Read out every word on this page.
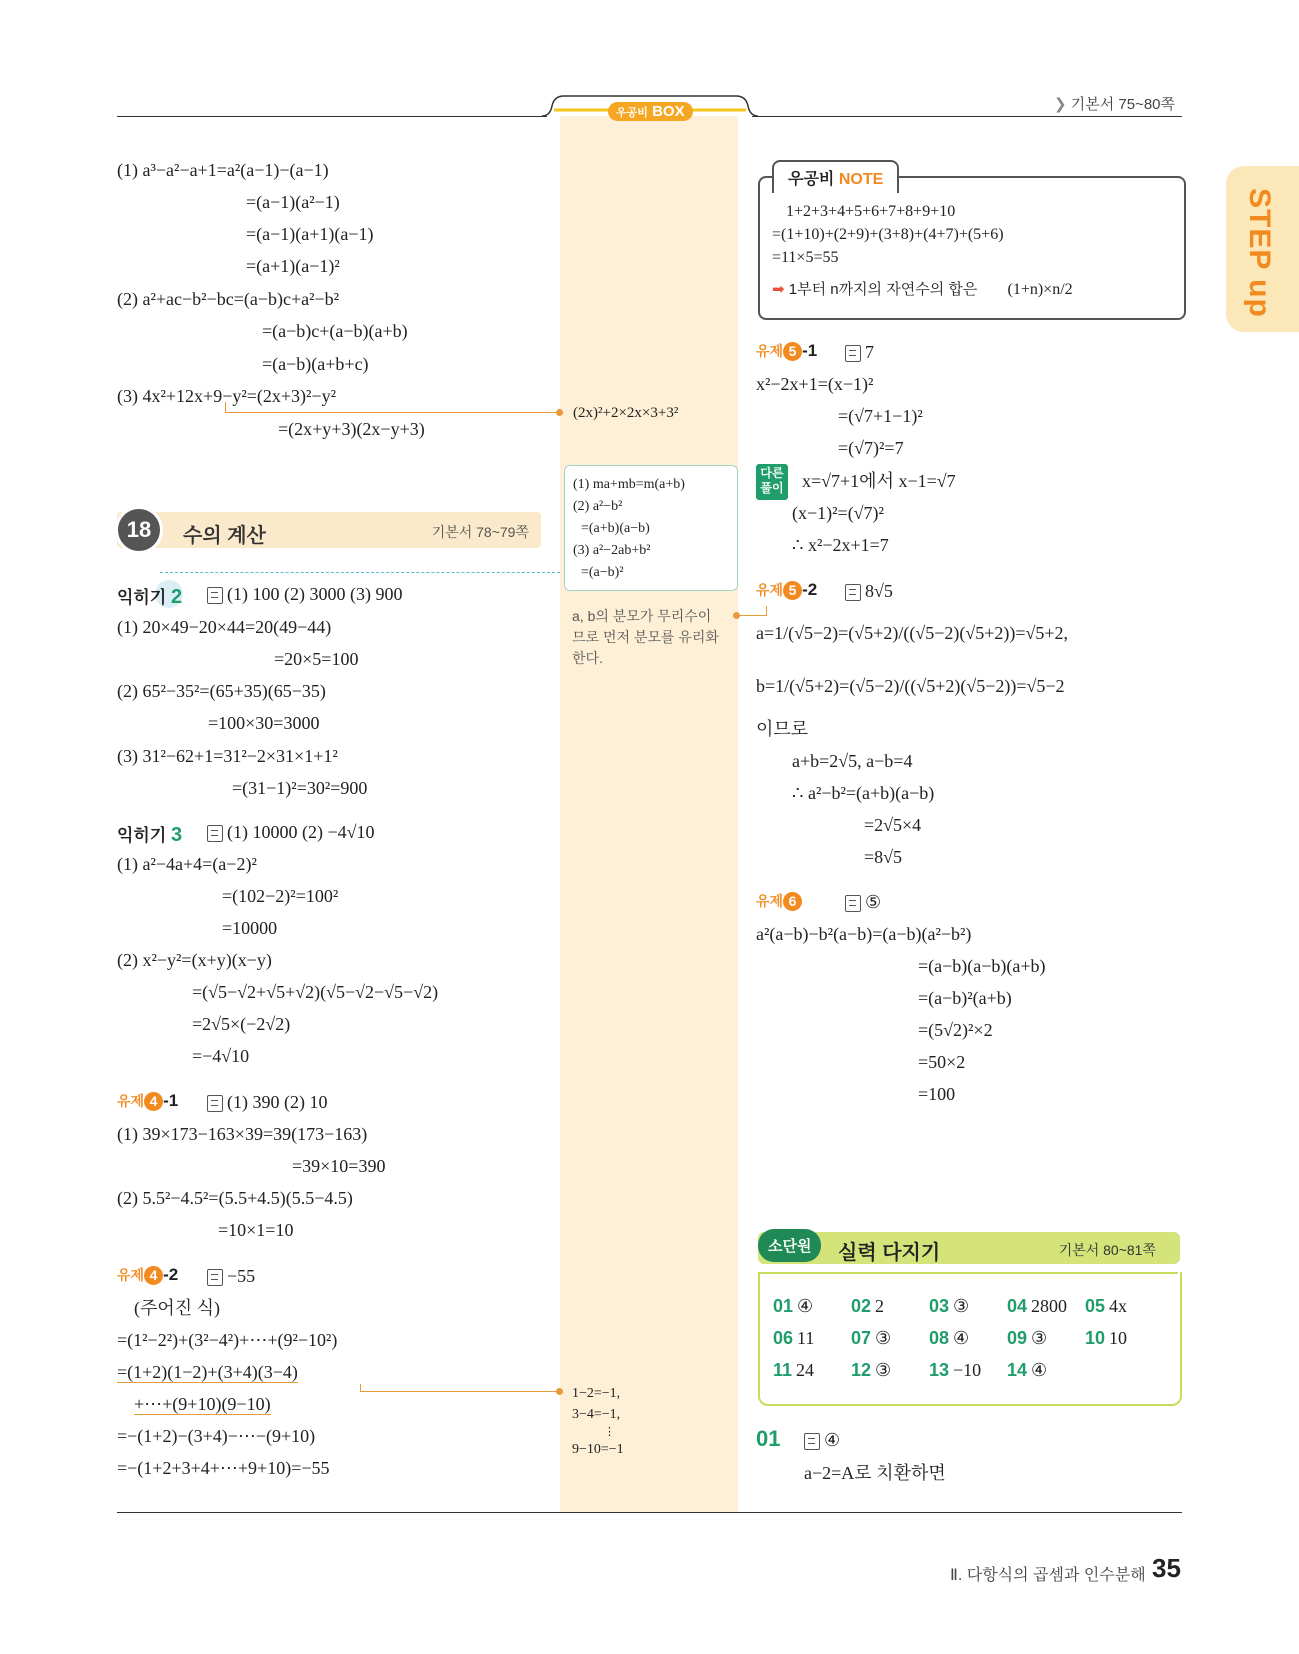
우공비 BOX	❯ 기본서 75~80쪽
STEP up
(1) a³−a²−a+1=a²(a−1)−(a−1)
=(a−1)(a²−1)
=(a−1)(a+1)(a−1)
=(a+1)(a−1)²
(2) a²+ac−b²−bc=(a−b)c+a²−b²
=(a−b)c+(a−b)(a+b)
=(a−b)(a+b+c)
(3) 4x²+12x+9−y²=(2x+3)²−y²
=(2x+y+3)(2x−y+3)
(2x)²+2×2x×3+3²
(1) ma+mb=m(a+b)
(2) a²−b²
=(a+b)(a−b)
(3) a²−2ab+b²
=(a−b)²
18	수의 계산	기본서 78~79쪽
익히기 2	(1) 100 (2) 3000 (3) 900
(1) 20×49−20×44=20(49−44)
=20×5=100
(2) 65²−35²=(65+35)(65−35)
=100×30=3000
(3) 31²−62+1=31²−2×31×1+1²
=(31−1)²=30²=900
a, b의 분모가 무리수이
므로 먼저 분모를 유리화
한다.
익히기 3	(1) 10000 (2) −4√10
(1) a²−4a+4=(a−2)²
=(102−2)²=100²
=10000
(2) x²−y²=(x+y)(x−y)
=(√5−√2+√5+√2)(√5−√2−√5−√2)
=2√5×(−2√2)
=−4√10
유제 4 -1	(1) 390 (2) 10
(1) 39×173−163×39=39(173−163)
=39×10=390
(2) 5.5²−4.5²=(5.5+4.5)(5.5−4.5)
=10×1=10
유제 4 -2	−55
(주어진 식)
=(1²−2²)+(3²−4²)+⋯+(9²−10²)
=(1+2)(1−2)+(3+4)(3−4)
+⋯+(9+10)(9−10)
=−(1+2)−(3+4)−⋯−(9+10)
=−(1+2+3+4+⋯+9+10)=−55
1−2=−1,
3−4=−1,
⋮
9−10=−1
우공비 NOTE
1+2+3+4+5+6+7+8+9+10
=(1+10)+(2+9)+(3+8)+(4+7)+(5+6)
=11×5=55
➡ 1부터 n까지의 자연수의 합은 (1+n)×n/2
유제 5 -1	7
x²−2x+1=(x−1)²
=(√7+1−1)²
=(√7)²=7
다른 풀이 x=√7+1에서 x−1=√7
(x−1)²=(√7)²
∴ x²−2x+1=7
유제 5 -2	8√5
a=1/(√5−2)=(√5+2)/((√5−2)(√5+2))=√5+2,
b=1/(√5+2)=(√5−2)/((√5+2)(√5−2))=√5−2
이므로
a+b=2√5, a−b=4
∴ a²−b²=(a+b)(a−b)
=2√5×4
=8√5
유제 6	⑤
a²(a−b)−b²(a−b)=(a−b)(a²−b²)
=(a−b)(a−b)(a+b)
=(a−b)²(a+b)
=(5√2)²×2
=50×2
=100
소단원	실력 다지기	기본서 80~81쪽
01 ④ 02 2 03 ③ 04 2800 05 4x
06 11 07 ③ 08 ④ 09 ③ 10 10
11 24 12 ③ 13 −10 14 ④
01	④
a−2=A로 치환하면
Ⅱ. 다항식의 곱셈과 인수분해 35
